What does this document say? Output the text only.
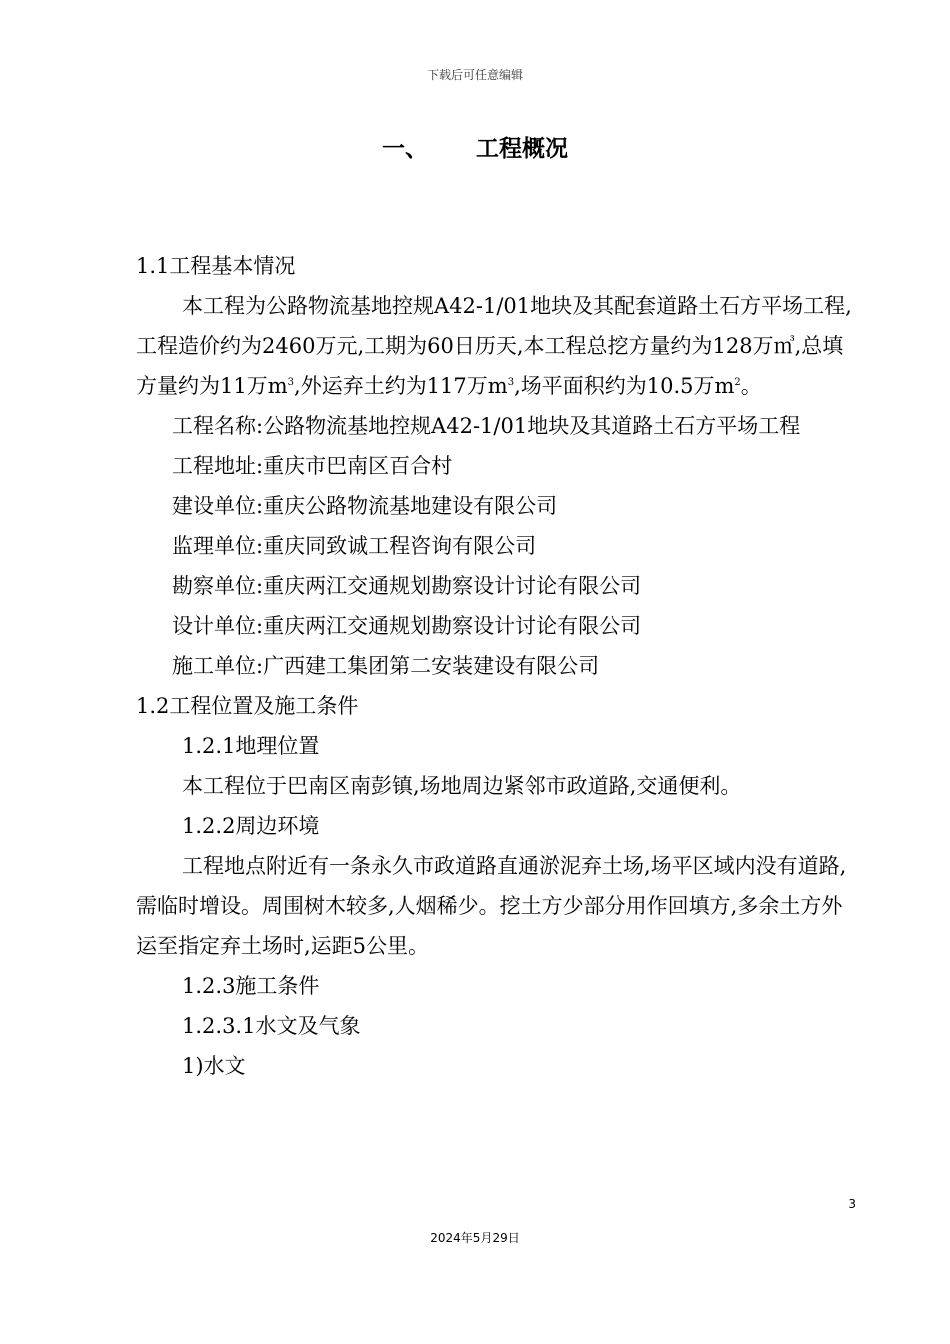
下载后可任意编辑
一、 工程概况

1.1工程基本情况

本工程为公路物流基地控规A42-1/01地块及其配套道路土石方平场工程,工程造价约为2460万元,工期为60日历天,本工程总挖方量约为128万㎥,总填方量约为11万$m^3$,外运弃土约为117万$m^3$,场平面积约为10.5万$m^2$。

工程名称:公路物流基地控规A42-1/01地块及其道路土石方平场工程

工程地址:重庆市巴南区百合村

建设单位:重庆公路物流基地建设有限公司

监理单位:重庆同致诚工程咨询有限公司

勘察单位:重庆两江交通规划勘察设计讨论有限公司

设计单位:重庆两江交通规划勘察设计讨论有限公司

施工单位:广西建工集团第二安装建设有限公司

1.2工程位置及施工条件

1.2.1地理位置

本工程位于巴南区南彭镇,场地周边紧邻市政道路,交通便利。

1.2.2周边环境

工程地点附近有一条永久市政道路直通淤泥弃土场,场平区域内没有道路,需临时增设。周围树木较多,人烟稀少。挖土方少部分用作回填方,多余土方外运至指定弃土场时,运距5公里。

1.2.3施工条件

1.2.3.1水文及气象

1)水文

3
2024年5月29日
